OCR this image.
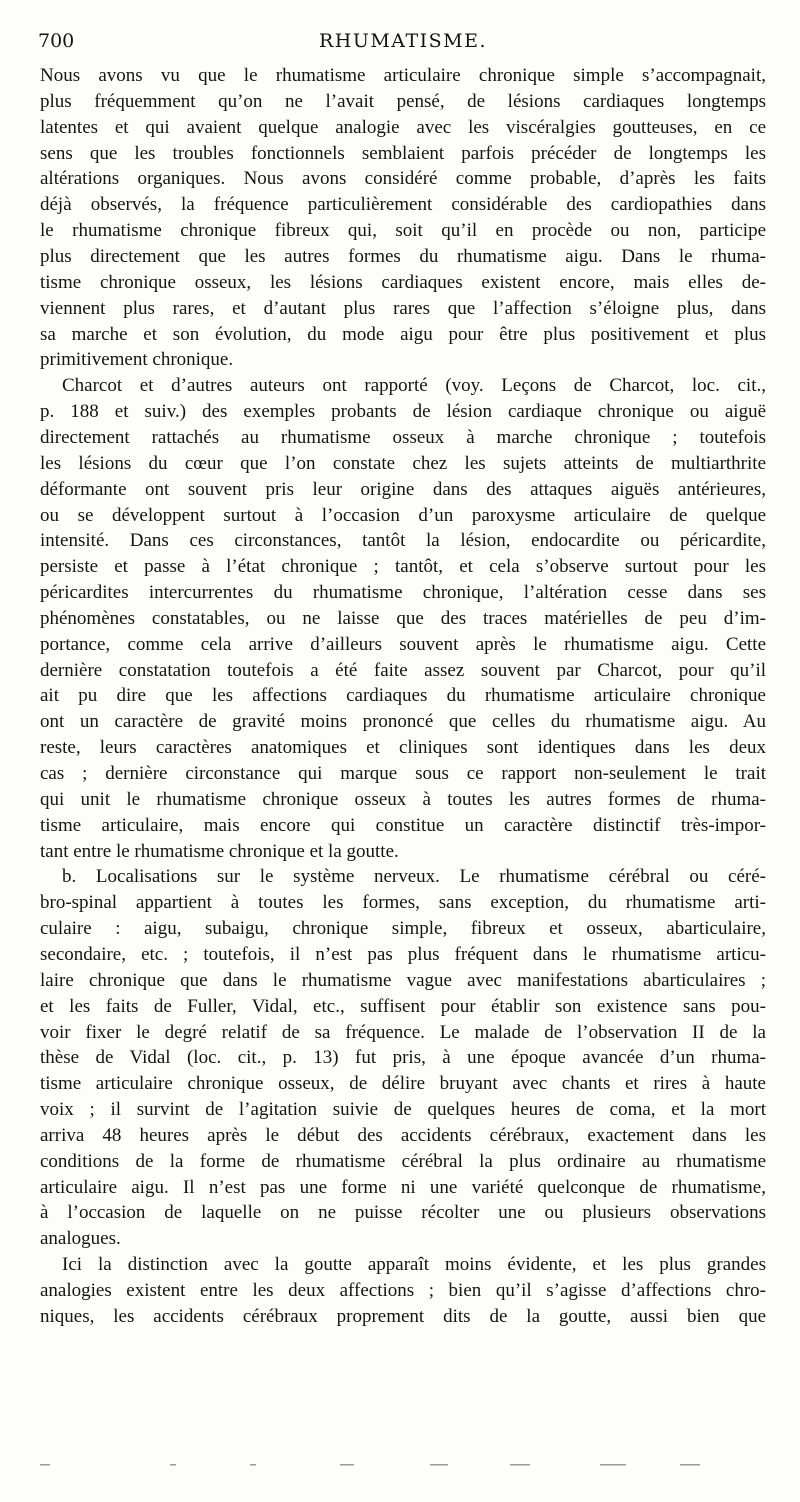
700	RHUMATISME.
Nous avons vu que le rhumatisme articulaire chronique simple s’accompagnait,
plus fréquemment qu’on ne l’avait pensé, de lésions cardiaques longtemps
latentes et qui avaient quelque analogie avec les viscéralgies goutteuses, en ce
sens que les troubles fonctionnels semblaient parfois précéder de longtemps les
altérations organiques. Nous avons considéré comme probable, d’après les faits
déjà observés, la fréquence particulièrement considérable des cardiopathies dans
le rhumatisme chronique fibreux qui, soit qu’il en procède ou non, participe
plus directement que les autres formes du rhumatisme aigu. Dans le rhuma-
tisme chronique osseux, les lésions cardiaques existent encore, mais elles de-
viennent plus rares, et d’autant plus rares que l’affection s’éloigne plus, dans
sa marche et son évolution, du mode aigu pour être plus positivement et plus
primitivement chronique.
Charcot et d’autres auteurs ont rapporté (voy. Leçons de Charcot, loc. cit.,
p. 188 et suiv.) des exemples probants de lésion cardiaque chronique ou aiguë
directement rattachés au rhumatisme osseux à marche chronique ; toutefois
les lésions du cœur que l’on constate chez les sujets atteints de multiarthrite
déformante ont souvent pris leur origine dans des attaques aiguës antérieures,
ou se développent surtout à l’occasion d’un paroxysme articulaire de quelque
intensité. Dans ces circonstances, tantôt la lésion, endocardite ou péricardite,
persiste et passe à l’état chronique ; tantôt, et cela s’observe surtout pour les
péricardites intercurrentes du rhumatisme chronique, l’altération cesse dans ses
phénomènes constatables, ou ne laisse que des traces matérielles de peu d’im-
portance, comme cela arrive d’ailleurs souvent après le rhumatisme aigu. Cette
dernière constatation toutefois a été faite assez souvent par Charcot, pour qu’il
ait pu dire que les affections cardiaques du rhumatisme articulaire chronique
ont un caractère de gravité moins prononcé que celles du rhumatisme aigu. Au
reste, leurs caractères anatomiques et cliniques sont identiques dans les deux
cas ; dernière circonstance qui marque sous ce rapport non-seulement le trait
qui unit le rhumatisme chronique osseux à toutes les autres formes de rhuma-
tisme articulaire, mais encore qui constitue un caractère distinctif très-impor-
tant entre le rhumatisme chronique et la goutte.
b. Localisations sur le système nerveux. Le rhumatisme cérébral ou céré-
bro-spinal appartient à toutes les formes, sans exception, du rhumatisme arti-
culaire : aigu, subaigu, chronique simple, fibreux et osseux, abarticulaire,
secondaire, etc. ; toutefois, il n’est pas plus fréquent dans le rhumatisme articu-
laire chronique que dans le rhumatisme vague avec manifestations abarticulaires ;
et les faits de Fuller, Vidal, etc., suffisent pour établir son existence sans pou-
voir fixer le degré relatif de sa fréquence. Le malade de l’observation II de la
thèse de Vidal (loc. cit., p. 13) fut pris, à une époque avancée d’un rhuma-
tisme articulaire chronique osseux, de délire bruyant avec chants et rires à haute
voix ; il survint de l’agitation suivie de quelques heures de coma, et la mort
arriva 48 heures après le début des accidents cérébraux, exactement dans les
conditions de la forme de rhumatisme cérébral la plus ordinaire au rhumatisme
articulaire aigu. Il n’est pas une forme ni une variété quelconque de rhumatisme,
à l’occasion de laquelle on ne puisse récolter une ou plusieurs observations
analogues.
Ici la distinction avec la goutte apparaît moins évidente, et les plus grandes
analogies existent entre les deux affections ; bien qu’il s’agisse d’affections chro-
niques, les accidents cérébraux proprement dits de la goutte, aussi bien que
